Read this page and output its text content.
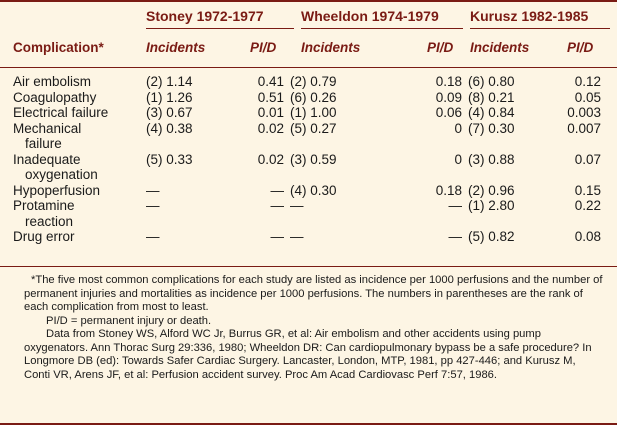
Stoney 1972-1977	Wheeldon 1974-1979 Kurusz 1982-1985
Complication*	Incidents	PI/D Incidents	PI/D Incidents	PI/D
Air embolism	(2) 1.14	0.41	(2) 0.79	0.18	(6) 0.80	0.12
Coagulopathy	(1) 1.26	0.51	(6) 0.26	0.09	(8) 0.21	0.05
Electrical failure	(3) 0.67	0.01	(1) 1.00	0.06	(4) 0.84	0.003
Mechanical	(4) 0.38	0.02	(5) 0.27	0	(7) 0.30	0.007
failure						
Inadequate	(5) 0.33	0.02	(3) 0.59	0	(3) 0.88	0.07
oxygenation						
Hypoperfusion	—	—	(4) 0.30	0.18	(2) 0.96	0.15
Protamine	—	—	—	—	(1) 2.80	0.22
reaction						
Drug error	—	—	—	—	(5) 0.82	0.08

*The five most common complications for each study are listed as incidence per 1000 perfusions and the number of permanent injuries and mortalities as incidence per 1000 perfusions. The numbers in parentheses are the rank of each complication from most to least.

PI/D = permanent injury or death.

Data from Stoney WS, Alford WC Jr, Burrus GR, et al: Air embolism and other accidents using pump oxygenators. Ann Thorac Surg 29:336, 1980; Wheeldon DR: Can cardiopulmonary bypass be a safe procedure? In Longmore DB (ed): Towards Safer Cardiac Surgery. Lancaster, London, MTP, 1981, pp 427-446; and Kurusz M, Conti VR, Arens JF, et al: Perfusion accident survey. Proc Am Acad Cardiovasc Perf 7:57, 1986.
